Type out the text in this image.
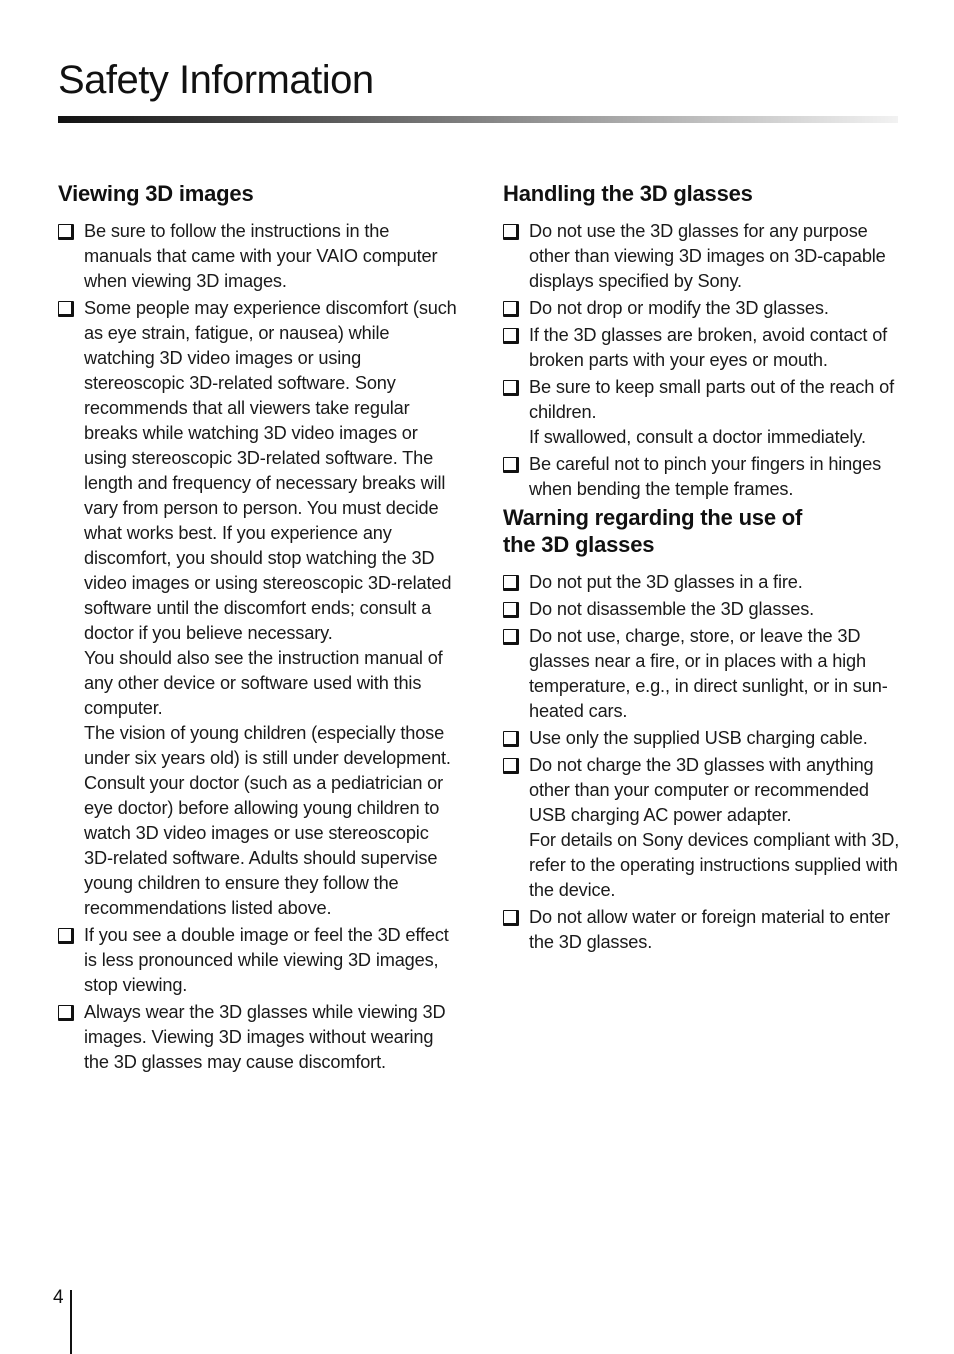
Safety Information
Viewing 3D images
Be sure to follow the instructions in the manuals that came with your VAIO computer when viewing 3D images.
Some people may experience discomfort (such as eye strain, fatigue, or nausea) while watching 3D video images or using stereoscopic 3D-related software. Sony recommends that all viewers take regular breaks while watching 3D video images or using stereoscopic 3D-related software. The length and frequency of necessary breaks will vary from person to person. You must decide what works best. If you experience any discomfort, you should stop watching the 3D video images or using stereoscopic 3D-related software until the discomfort ends; consult a doctor if you believe necessary.
You should also see the instruction manual of any other device or software used with this computer.
The vision of young children (especially those under six years old) is still under development. Consult your doctor (such as a pediatrician or eye doctor) before allowing young children to watch 3D video images or use stereoscopic 3D-related software. Adults should supervise young children to ensure they follow the recommendations listed above.
If you see a double image or feel the 3D effect is less pronounced while viewing 3D images, stop viewing.
Always wear the 3D glasses while viewing 3D images. Viewing 3D images without wearing the 3D glasses may cause discomfort.
Handling the 3D glasses
Do not use the 3D glasses for any purpose other than viewing 3D images on 3D-capable displays specified by Sony.
Do not drop or modify the 3D glasses.
If the 3D glasses are broken, avoid contact of broken parts with your eyes or mouth.
Be sure to keep small parts out of the reach of children.
If swallowed, consult a doctor immediately.
Be careful not to pinch your fingers in hinges when bending the temple frames.
Warning regarding the use of
the 3D glasses
Do not put the 3D glasses in a fire.
Do not disassemble the 3D glasses.
Do not use, charge, store, or leave the 3D glasses near a fire, or in places with a high temperature, e.g., in direct sunlight, or in sun-heated cars.
Use only the supplied USB charging cable.
Do not charge the 3D glasses with anything other than your computer or recommended USB charging AC power adapter.
For details on Sony devices compliant with 3D, refer to the operating instructions supplied with the device.
Do not allow water or foreign material to enter the 3D glasses.
4
